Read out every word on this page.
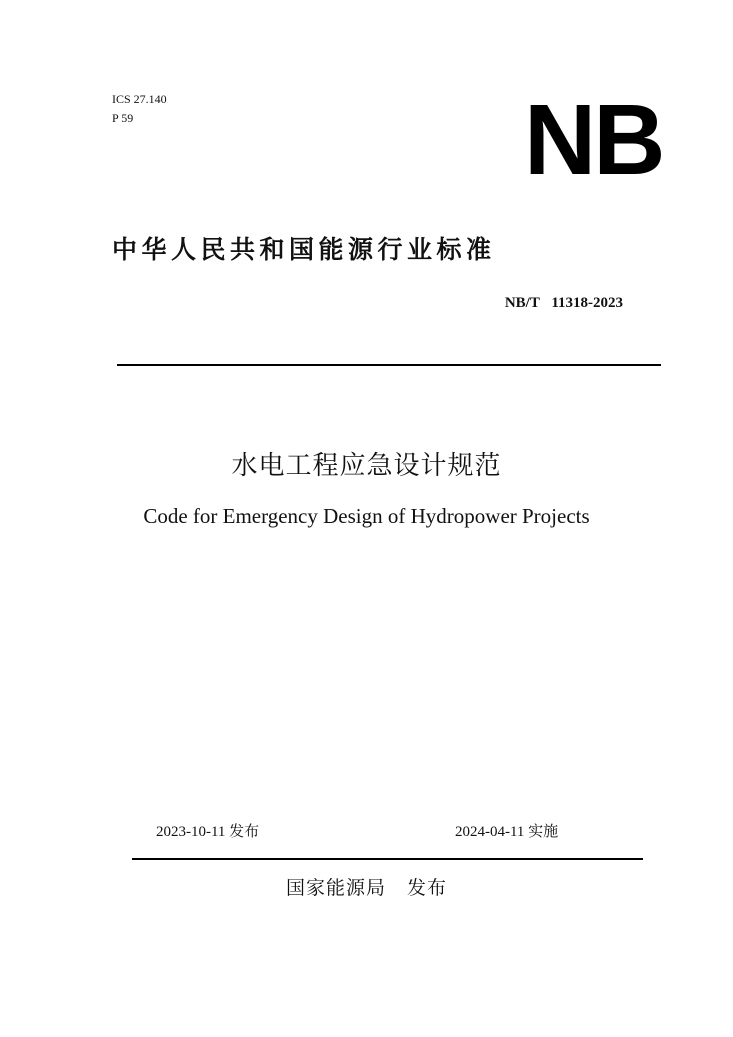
ICS 27.140
P 59	NB
中华人民共和国能源行业标准
NB/T 11318-2023
水电工程应急设计规范
Code for Emergency Design of Hydropower Projects
2023-10-11 发布	2024-04-11 实施
国家能源局   发布
